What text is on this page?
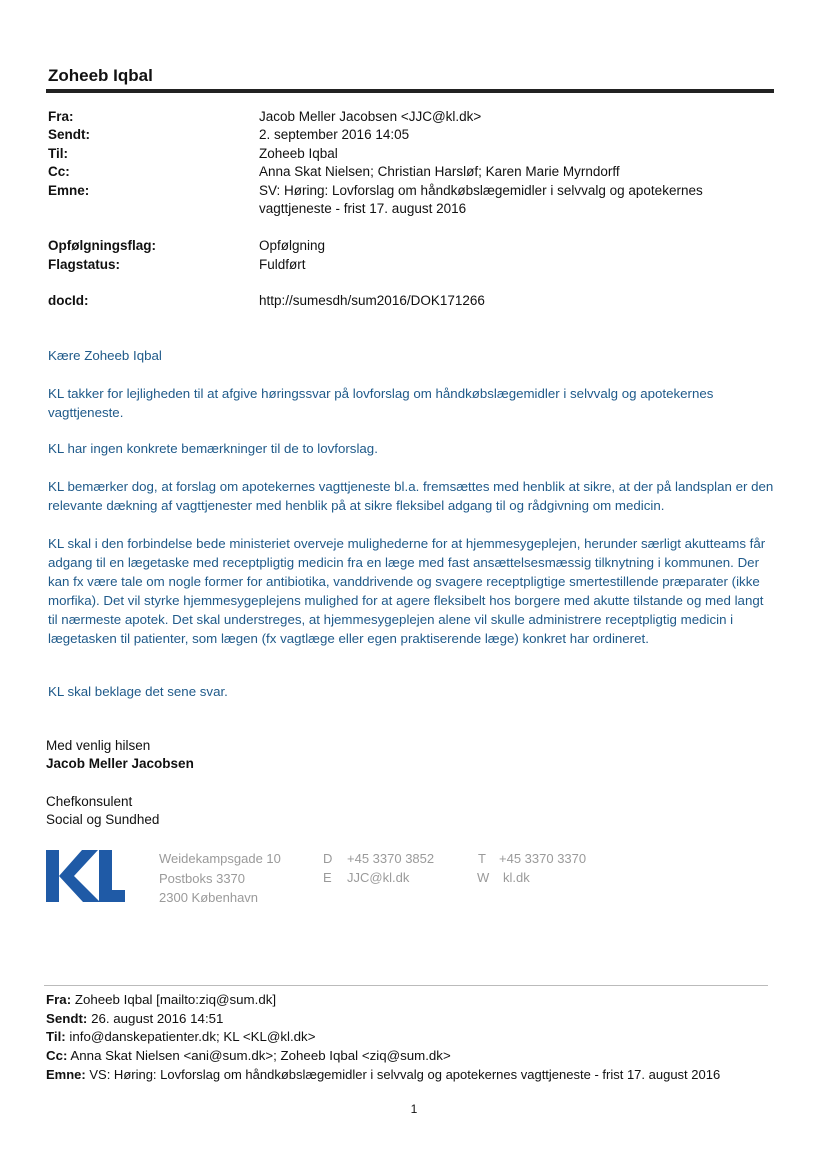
Zoheeb Iqbal
Fra:	Jacob Meller Jacobsen <JJC@kl.dk>
Sendt:	2. september 2016 14:05
Til:	Zoheeb Iqbal
Cc:	Anna Skat Nielsen; Christian Harsløf; Karen Marie Myrndorff
Emne:	SV: Høring: Lovforslag om håndkøbslægemidler i selvvalg og apotekernes vagttjeneste - frist 17. august 2016
Opfølgningsflag:	Opfølgning
Flagstatus:	Fuldført
docId:	http://sumesdh/sum2016/DOK171266
Kære Zoheeb Iqbal
KL takker for lejligheden til at afgive høringssvar på lovforslag om håndkøbslægemidler i selvvalg og apotekernes vagttjeneste.
KL har ingen konkrete bemærkninger til de to lovforslag.
KL bemærker dog, at forslag om apotekernes vagttjeneste bl.a. fremsættes med henblik at sikre, at der på landsplan er den relevante dækning af vagttjenester med henblik på at sikre fleksibel adgang til og rådgivning om medicin.
KL skal i den forbindelse bede ministeriet overveje mulighederne for at hjemmesygeplejen, herunder særligt akutteams får adgang til en lægetaske med receptpligtig medicin fra en læge med fast ansættelsesmæssig tilknytning i kommunen. Der kan fx være tale om nogle former for antibiotika, vanddrivende og svagere receptpligtige smertestillende præparater (ikke morfika). Det vil styrke hjemmesygeplejens mulighed for at agere fleksibelt hos borgere med akutte tilstande og med langt til nærmeste apotek. Det skal understreges, at hjemmesygeplejen alene vil skulle administrere receptpligtig medicin i lægetasken til patienter, som lægen (fx vagtlæge eller egen praktiserende læge) konkret har ordineret.
KL skal beklage det sene svar.
Med venlig hilsen
Jacob Meller Jacobsen
Chefkonsulent
Social og Sundhed
Weidekampsgade 10
Postboks 3370
2300 København
D +45 3370 3852
E JJC@kl.dk
T +45 3370 3370
W kl.dk
Fra: Zoheeb Iqbal [mailto:ziq@sum.dk]
Sendt: 26. august 2016 14:51
Til: info@danskepatienter.dk; KL <KL@kl.dk>
Cc: Anna Skat Nielsen <ani@sum.dk>; Zoheeb Iqbal <ziq@sum.dk>
Emne: VS: Høring: Lovforslag om håndkøbslægemidler i selvvalg og apotekernes vagttjeneste - frist 17. august 2016
1
